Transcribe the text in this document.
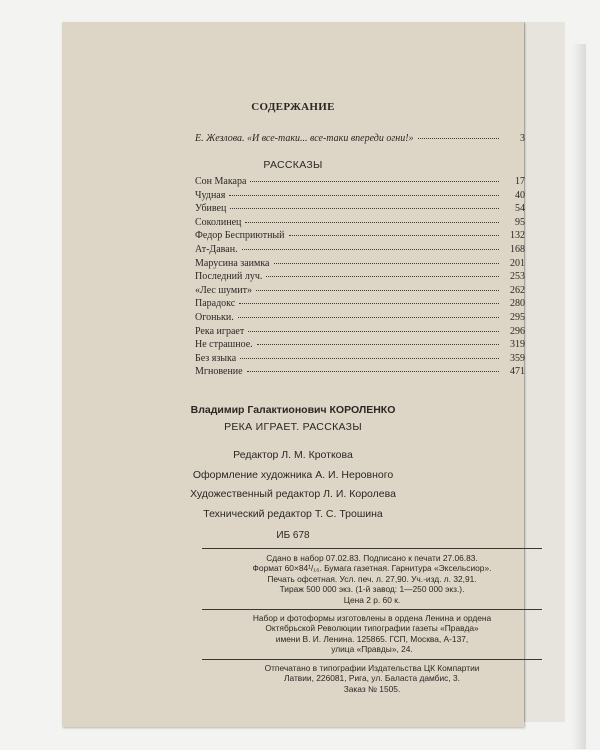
СОДЕРЖАНИЕ
Е. Жезлова. «И все-таки... все-таки впереди огни!»	3
РАССКАЗЫ
Сон Макара	17
Чудная	40
Убивец	54
Соколинец	95
Федор Бесприютный	132
Ат-Даван.	168
Марусина заимка	201
Последний луч.	253
«Лес шумит»	262
Парадокс	280
Огоньки.	295
Река играет	296
Не страшное.	319
Без языка	359
Мгновение	471
Владимир Галактионович КОРОЛЕНКО
РЕКА ИГРАЕТ. РАССКАЗЫ
Редактор Л. М. Кроткова
Оформление художника А. И. Неровного
Художественный редактор Л. И. Королева
Технический редактор Т. С. Трошина
ИБ 678
Сдано в набор 07.02.83. Подписано к печати 27.06.83.
Формат 60×84¹/₁₆. Бумага газетная. Гарнитура «Эксельсиор».
Печать офсетная. Усл. печ. л. 27,90. Уч.-изд. л. 32,91.
Тираж 500 000 экз. (1-й завод: 1—250 000 экз.).
Цена 2 р. 60 к.
Набор и фотоформы изготовлены в ордена Ленина и ордена
Октябрьской Революции типографии газеты «Правда»
имени В. И. Ленина. 125865. ГСП, Москва, А-137,
улица «Правды», 24.
Отпечатано в типографии Издательства ЦК Компартии
Латвии, 226081, Рига, ул. Баласта дамбис, 3.
Заказ № 1505.
